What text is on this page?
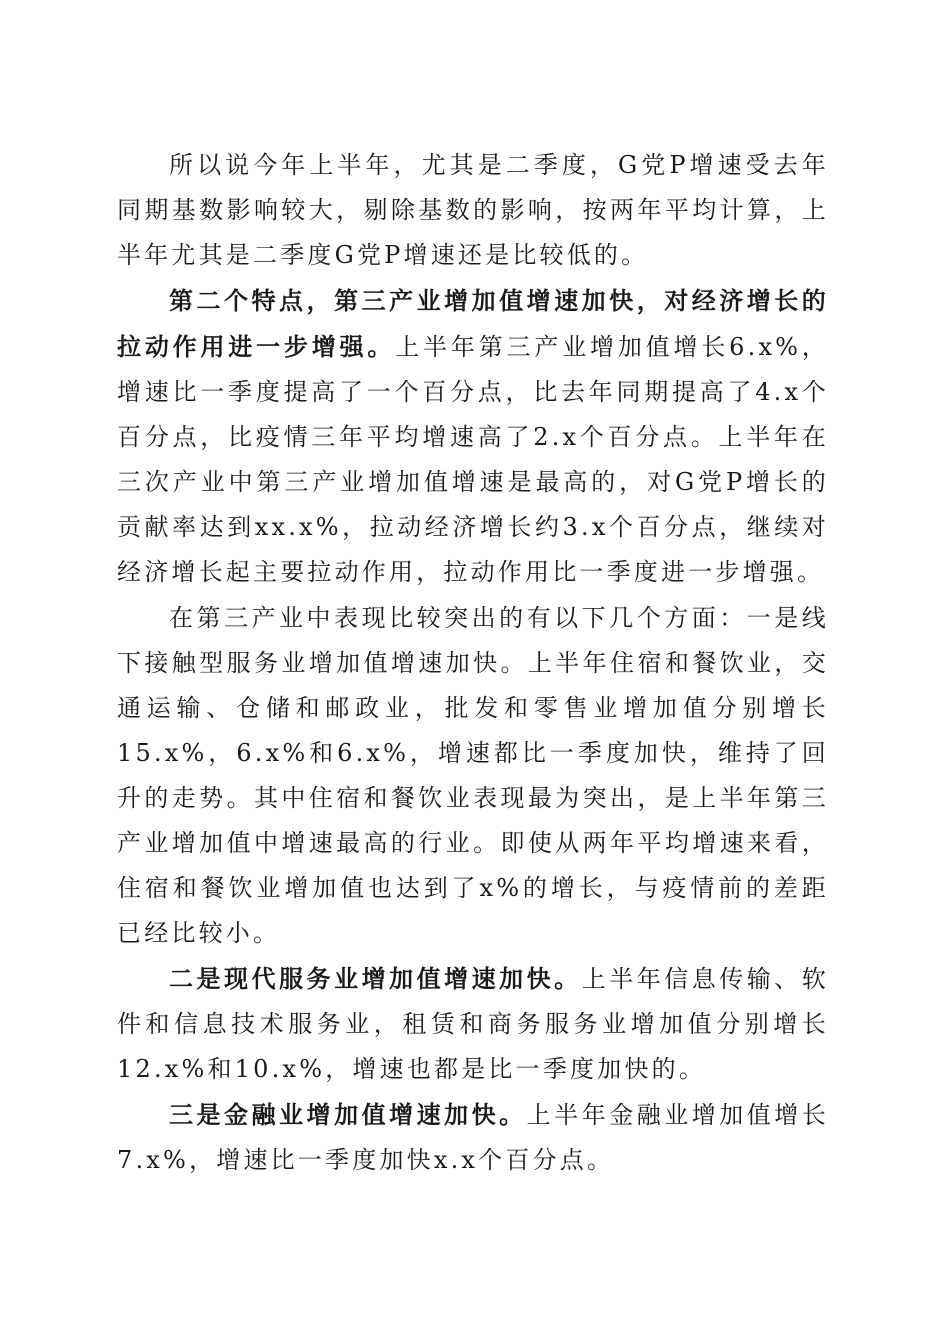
所以说今年上半年，尤其是二季度，G党P增速受去年同期基数影响较大，剔除基数的影响，按两年平均计算，上半年尤其是二季度G党P增速还是比较低的。

第二个特点，第三产业增加值增速加快，对经济增长的拉动作用进一步增强。上半年第三产业增加值增长6.x%，增速比一季度提高了一个百分点，比去年同期提高了4.x个百分点，比疫情三年平均增速高了2.x个百分点。上半年在三次产业中第三产业增加值增速是最高的，对G党P增长的贡献率达到xx.x%，拉动经济增长约3.x个百分点，继续对经济增长起主要拉动作用，拉动作用比一季度进一步增强。

在第三产业中表现比较突出的有以下几个方面：一是线下接触型服务业增加值增速加快。上半年住宿和餐饮业，交通运输、仓储和邮政业，批发和零售业增加值分别增长15.x%，6.x%和6.x%，增速都比一季度加快，维持了回升的走势。其中住宿和餐饮业表现最为突出，是上半年第三产业增加值中增速最高的行业。即使从两年平均增速来看，住宿和餐饮业增加值也达到了x%的增长，与疫情前的差距已经比较小。

二是现代服务业增加值增速加快。上半年信息传输、软件和信息技术服务业，租赁和商务服务业增加值分别增长12.x%和10.x%，增速也都是比一季度加快的。

三是金融业增加值增速加快。上半年金融业增加值增长7.x%，增速比一季度加快x.x个百分点。
